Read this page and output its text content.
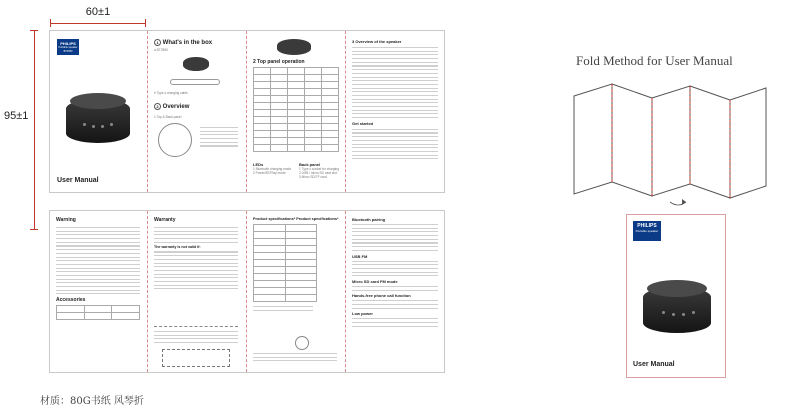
60±1
95±1
PHILIPS
Portable speaker
BT2550
User Manual
1 What's in the box
a BT2550
b Type-c charging cable
2 Overview
1 Top & Back panel
2 Top panel operation

LEDs
1 Bluetooth charging mode
2 Power/BT/Play mode
Back panel
1 Type-c socket for charging
2 USB / micro SD card slot
3 Micro SD/TF card
3 Overview of the speaker
Get started
Warning
Accessories

Warranty
The warranty is not valid if:
Product specifications* Product specifications*

		Bluetooth pairing
USB FM
Micro SD card FM mode
Hands-free phone call function
Low power
Fold Method for User Manual
PHILIPS
Portable speaker
User Manual
材质：80G书纸 风琴折
